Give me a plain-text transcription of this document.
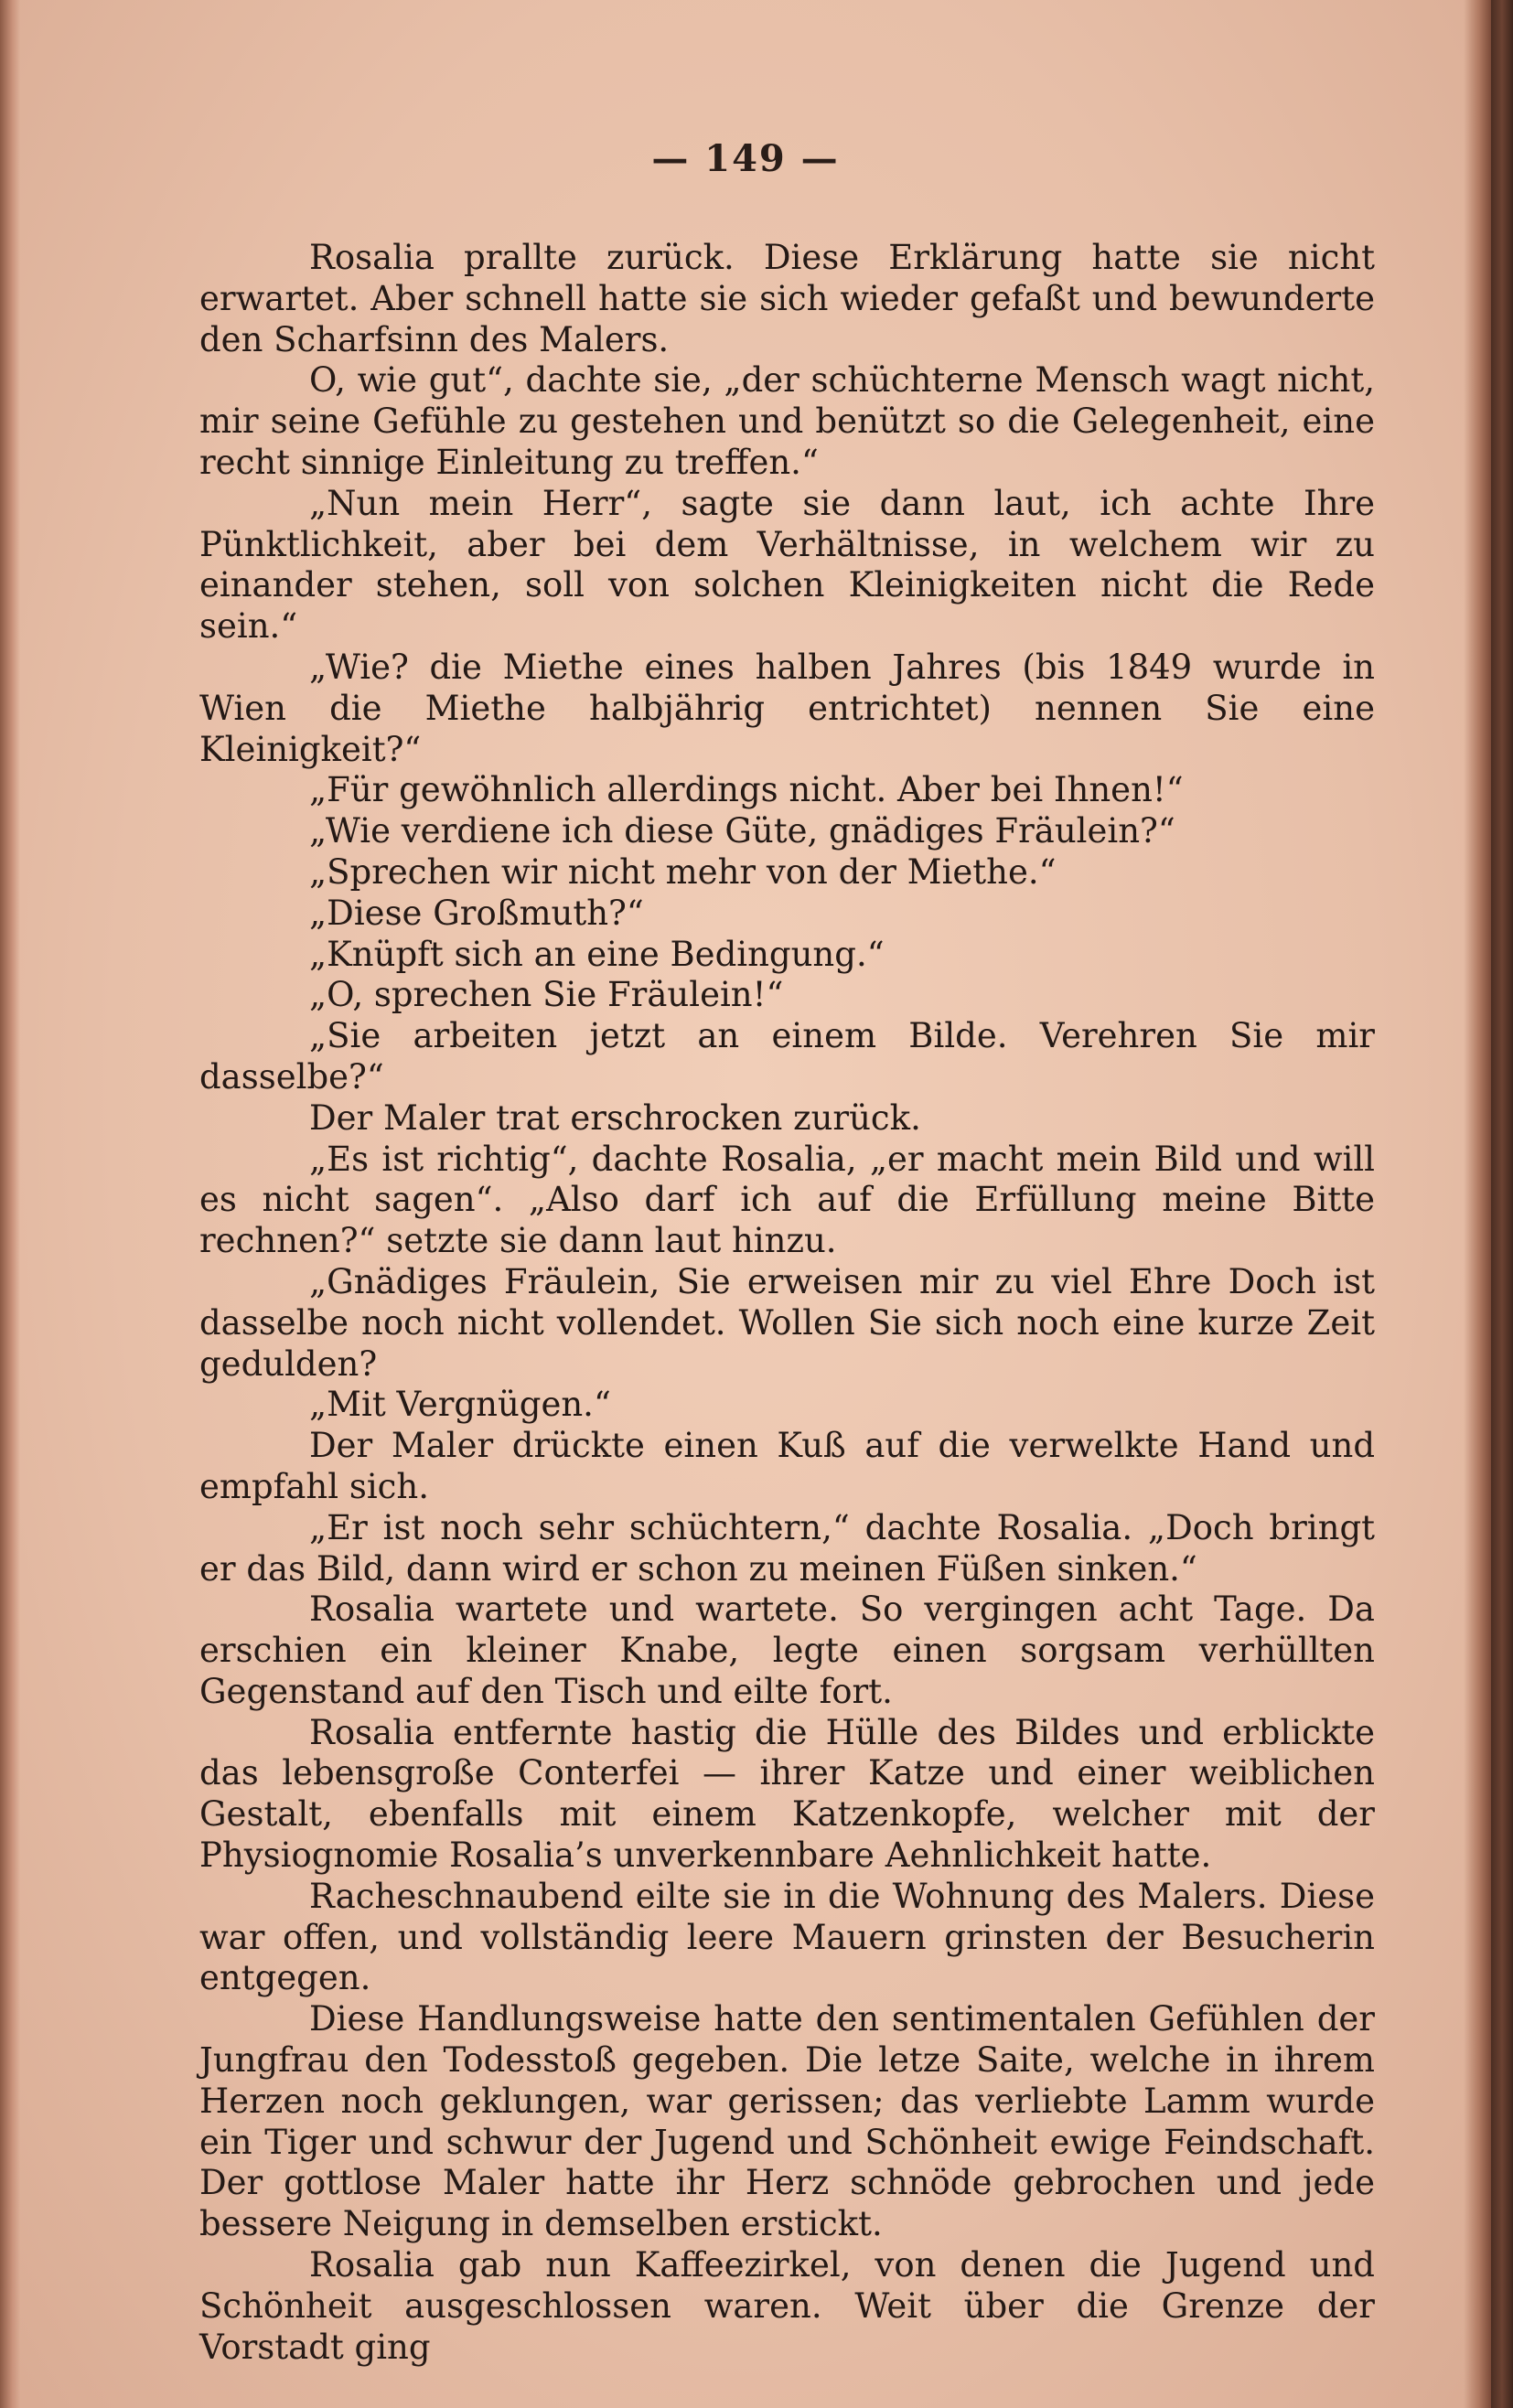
— 149 —

Rosalia prallte zurück. Diese Erklärung hatte sie nicht erwartet. Aber schnell hatte sie sich wieder gefaßt und bewunderte den Scharfsinn des Malers.

O, wie gut“, dachte sie, „der schüchterne Mensch wagt nicht, mir seine Gefühle zu gestehen und benützt so die Gelegenheit, eine recht sinnige Einleitung zu treffen.“

„Nun mein Herr“, sagte sie dann laut, ich achte Ihre Pünktlichkeit, aber bei dem Verhältnisse, in welchem wir zu einander stehen, soll von solchen Kleinigkeiten nicht die Rede sein.“

„Wie? die Miethe eines halben Jahres (bis 1849 wurde in Wien die Miethe halbjährig entrichtet) nennen Sie eine Kleinigkeit?“

„Für gewöhnlich allerdings nicht. Aber bei Ihnen!“

„Wie verdiene ich diese Güte, gnädiges Fräulein?“

„Sprechen wir nicht mehr von der Miethe.“

„Diese Großmuth?“

„Knüpft sich an eine Bedingung.“

„O, sprechen Sie Fräulein!“

„Sie arbeiten jetzt an einem Bilde. Verehren Sie mir dasselbe?“

Der Maler trat erschrocken zurück.

„Es ist richtig“, dachte Rosalia, „er macht mein Bild und will es nicht sagen“. „Also darf ich auf die Erfüllung meine Bitte rechnen?“ setzte sie dann laut hinzu.

„Gnädiges Fräulein, Sie erweisen mir zu viel Ehre Doch ist dasselbe noch nicht vollendet. Wollen Sie sich noch eine kurze Zeit gedulden?

„Mit Vergnügen.“

Der Maler drückte einen Kuß auf die verwelkte Hand und empfahl sich.

„Er ist noch sehr schüchtern,“ dachte Rosalia. „Doch bringt er das Bild, dann wird er schon zu meinen Füßen sinken.“

Rosalia wartete und wartete. So vergingen acht Tage. Da erschien ein kleiner Knabe, legte einen sorgsam verhüllten Gegenstand auf den Tisch und eilte fort.

Rosalia entfernte hastig die Hülle des Bildes und erblickte das lebensgroße Conterfei — ihrer Katze und einer weiblichen Gestalt, ebenfalls mit einem Katzenkopfe, welcher mit der Physiognomie Rosalia’s unverkennbare Aehnlichkeit hatte.

Racheschnaubend eilte sie in die Wohnung des Malers. Diese war offen, und vollständig leere Mauern grinsten der Besucherin entgegen.

Diese Handlungsweise hatte den sentimentalen Gefühlen der Jungfrau den Todesstoß gegeben. Die letze Saite, welche in ihrem Herzen noch geklungen, war gerissen; das verliebte Lamm wurde ein Tiger und schwur der Jugend und Schönheit ewige Feindschaft. Der gottlose Maler hatte ihr Herz schnöde gebrochen und jede bessere Neigung in demselben erstickt.

Rosalia gab nun Kaffeezirkel, von denen die Jugend und Schönheit ausgeschlossen waren. Weit über die Grenze der Vorstadt ging
